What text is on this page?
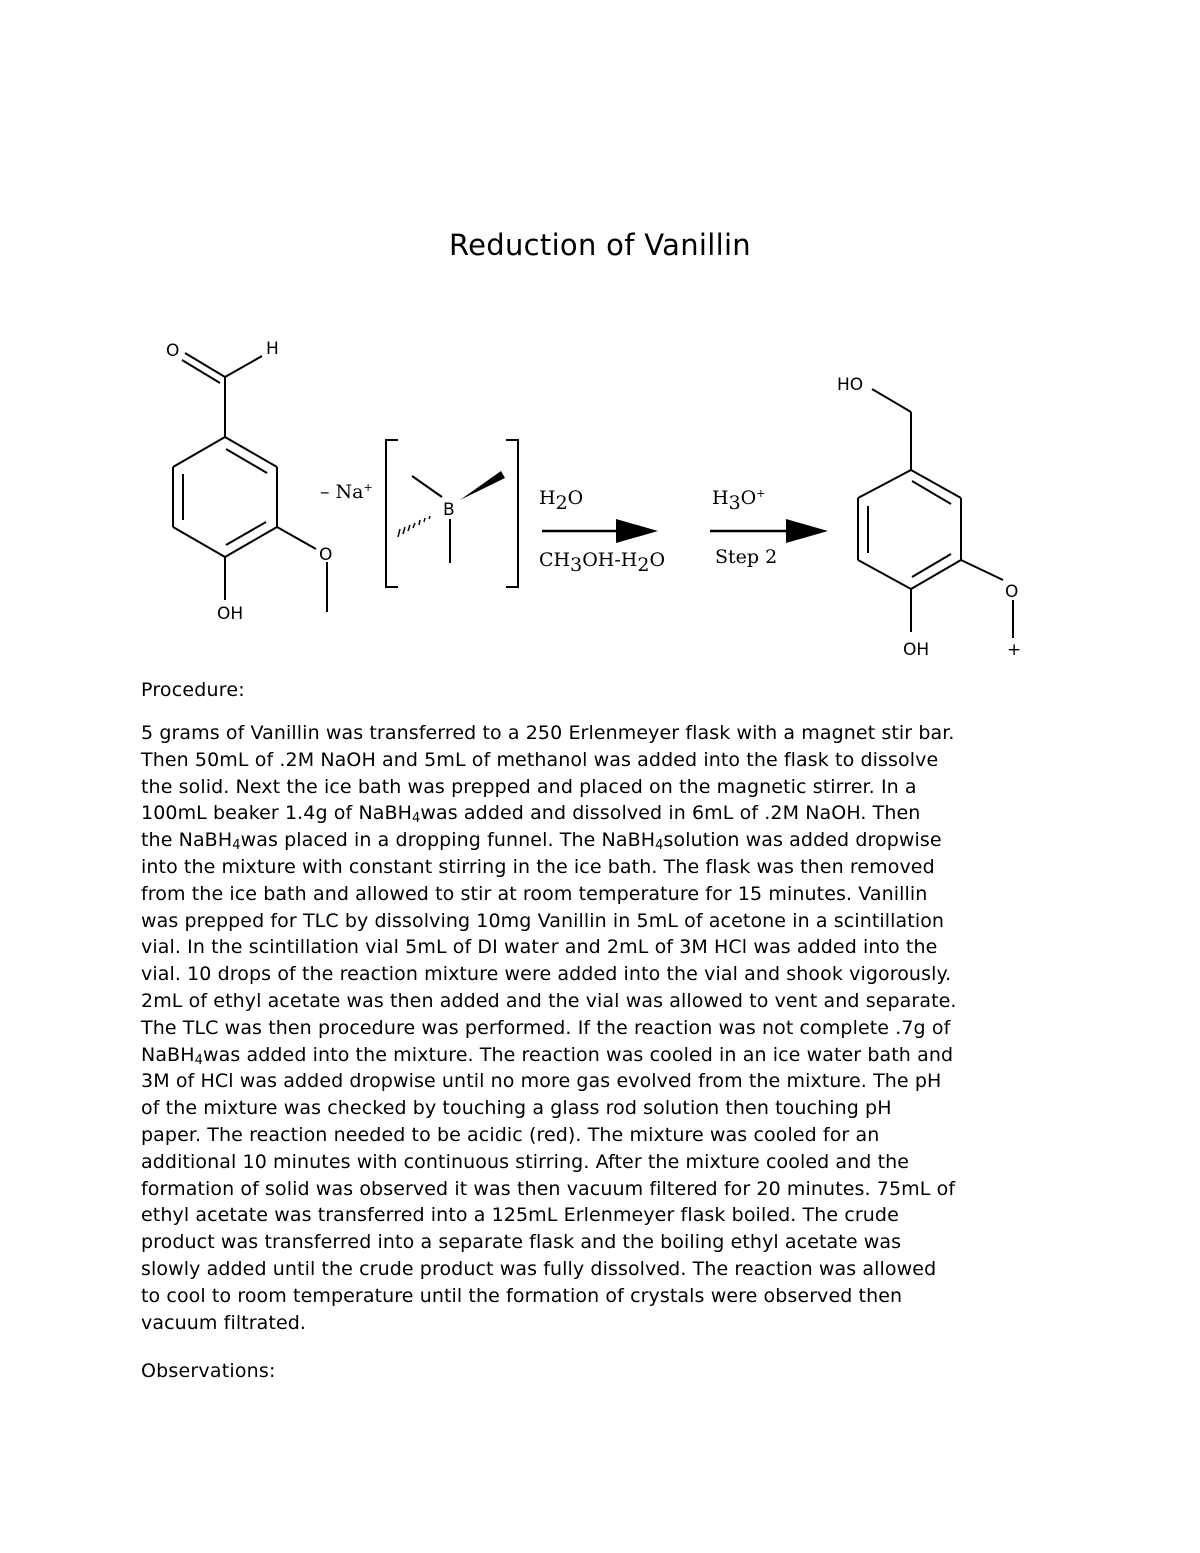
Reduction of Vanillin
O	H
O
OH
– Na+
B
H2O
CH3OH-H2O
H3O+
Step 2
HO
O
OH	+

Procedure:

5 grams of Vanillin was transferred to a 250 Erlenmeyer flask with a magnet stir bar.
Then 50mL of .2M NaOH and 5mL of methanol was added into the flask to dissolve
the solid. Next the ice bath was prepped and placed on the magnetic stirrer. In a
100mL beaker 1.4g of NaBH$_4$was added and dissolved in 6mL of .2M NaOH. Then
the NaBH$_4$was placed in a dropping funnel. The NaBH$_4$solution was added dropwise
into the mixture with constant stirring in the ice bath. The flask was then removed
from the ice bath and allowed to stir at room temperature for 15 minutes. Vanillin
was prepped for TLC by dissolving 10mg Vanillin in 5mL of acetone in a scintillation
vial. In the scintillation vial 5mL of DI water and 2mL of 3M HCl was added into the
vial. 10 drops of the reaction mixture were added into the vial and shook vigorously.
2mL of ethyl acetate was then added and the vial was allowed to vent and separate.
The TLC was then procedure was performed. If the reaction was not complete .7g of
NaBH$_4$was added into the mixture. The reaction was cooled in an ice water bath and
3M of HCl was added dropwise until no more gas evolved from the mixture. The pH
of the mixture was checked by touching a glass rod solution then touching pH
paper. The reaction needed to be acidic (red). The mixture was cooled for an
additional 10 minutes with continuous stirring. After the mixture cooled and the
formation of solid was observed it was then vacuum filtered for 20 minutes. 75mL of
ethyl acetate was transferred into a 125mL Erlenmeyer flask boiled. The crude
product was transferred into a separate flask and the boiling ethyl acetate was
slowly added until the crude product was fully dissolved. The reaction was allowed
to cool to room temperature until the formation of crystals were observed then
vacuum filtrated.

Observations:
